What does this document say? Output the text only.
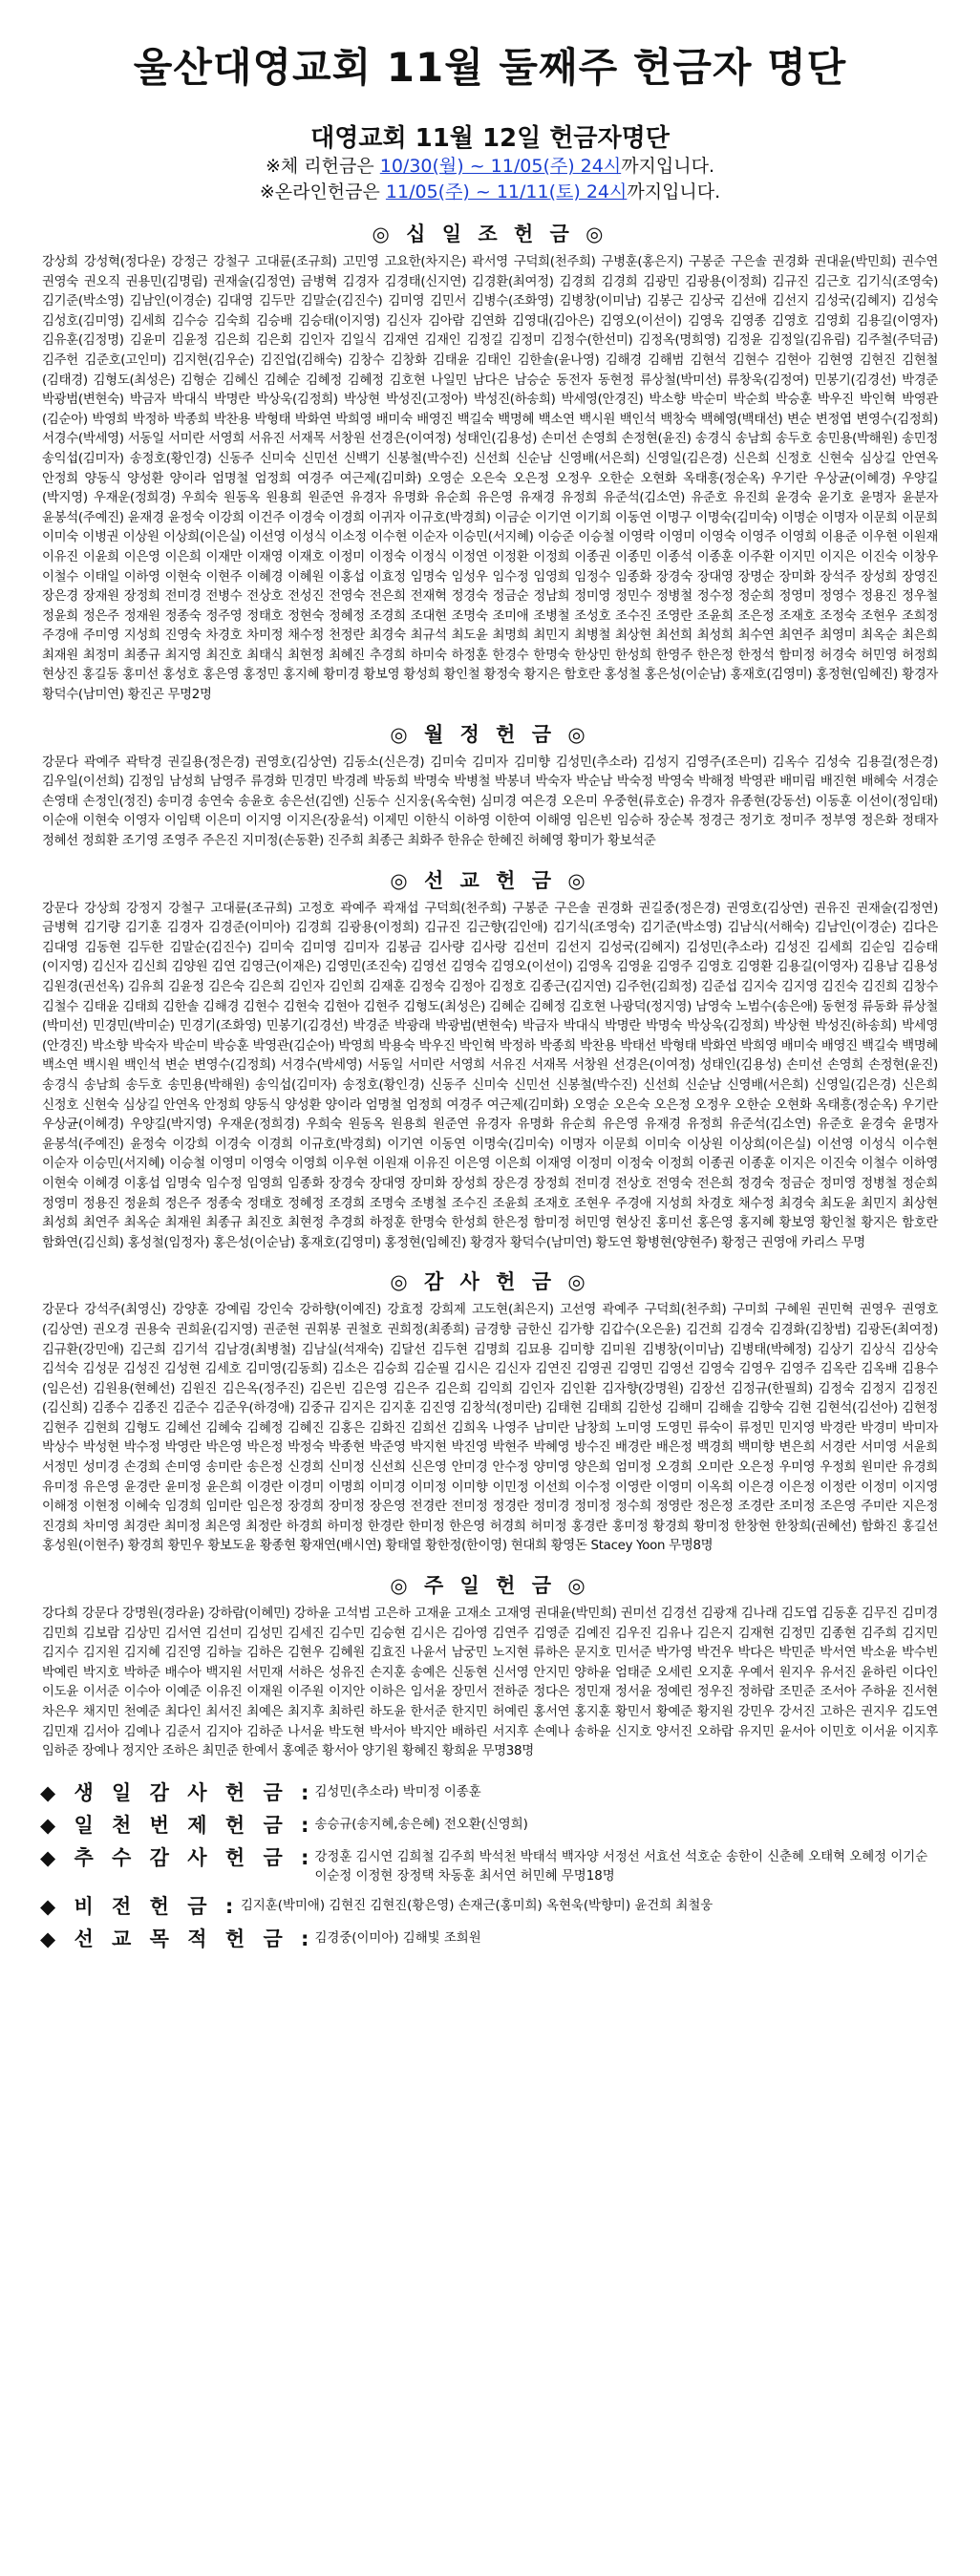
울산대영교회 11월 둘째주 헌금자 명단
대영교회 11월 12일 헌금자명단
※체 리헌금은 10/30(월) ~ 11/05(주) 24시까지입니다.
※온라인헌금은 11/05(주) ~ 11/11(토) 24시까지입니다.
◎ 십 일 조 헌 금 ◎
강상희 강성혁(정다운) 강정근 강철구 고대륜(조규희) 고민영 고요한(차지은) 곽서영 구덕희(천주희) 구병훈(홍은지) 구봉준 구은솔 권경화 권대윤(박민희) 권수연 권영숙 권오직 권용민(김명림) 권재술(김정연) 금병혁 김경자 김경태(신지연) 김경환(최여정) 김경희 김경희 김광민 김광용(이정희) 김규진 김근호 김기식(조영숙) 김기준(박소영) 김남인(이경순) 김대영 김두만 김말순(김진수) 김미영 김민서 김병수(조화영) 김병창(이미남) 김봉근 김상국 김선애 김선지 김성국(김혜지) 김성숙 김성호(김미영) 김세희 김수승 김숙희 김승배 김승태(이지영) 김신자 김아람 김연화 김영대(김아은) 김영오(이선이) 김영욱 김영종 김영호 김영회 김용길(이영자) 김유훈(김정명) 김윤미 김윤정 김은희 김은회 김인자 김일식 김재연 김재인 김정길 김정미 김정수(한선미) 김정옥(명희영) 김정윤 김정일(김유림) 김주철(주덕금) 김주헌 김준호(고인미) 김지현(김우순) 김진업(김해숙) 김창수 김창화 김태윤 김태인 김한솔(윤나영) 김해경 김해범 김현석 김현수 김현아 김현영 김현진 김현철(김태경) 김형도(최성은) 김형순 김혜신 김혜순 김혜정 김혜정 김호현 나일민 남다은 남승순 동전자 동현정 류상철(박미선) 류창욱(김정여) 민봉기(김경선) 박경준 박광범(변현숙) 박금자 박대식 박명란 박상욱(김정희) 박상현 박성진(고정아) 박성진(하송희) 박세영(안경진) 박소향 박순미 박순희 박승훈 박우진 박인혁 박영관(김순아) 박영희 박정하 박종희 박찬용 박형태 박화연 박희영 배미숙 배영진 백길숙 백명혜 백소연 백시원 백인석 백창숙 백혜영(백태선) 변순 변정엽 변영수(김정희) 서경수(박세영) 서동일 서미란 서영희 서유진 서재목 서창원 선경은(이여정) 성태인(김용성) 손미선 손영희 손정현(윤진) 송경식 송남희 송두호 송민용(박해원) 송민정 송익섭(김미자) 송정호(황인경) 신동주 신미숙 신민선 신백기 신봉철(박수진) 신선희 신순남 신영배(서은희) 신영일(김은경) 신은희 신정호 신현숙 심상길 안연옥 안정희 양동식 양성환 양이라 엄명철 엄정희 여경주 여근제(김미화) 오영순 오은숙 오은정 오정우 오한순 오현화 옥태흥(정순옥) 우기란 우상균(이혜경) 우양길(박지영) 우재운(정희경) 우희숙 원동옥 원용희 원준연 유경자 유명화 유순희 유은영 유재경 유정희 유준석(김소연) 유준호 유진희 윤경숙 윤기호 윤명자 윤분자 윤봉석(주예진) 윤재경 윤정숙 이강희 이건주 이경숙 이경희 이귀자 이규호(박경희) 이금순 이기연 이기희 이동연 이명구 이명숙(김미숙) 이명순 이명자 이문희 이문희 이미숙 이병권 이상원 이상희(이은실) 이선영 이성식 이소정 이수현 이순자 이승민(서지혜) 이승준 이승철 이영락 이영미 이영숙 이영주 이영희 이용준 이우현 이원재 이유진 이윤희 이은영 이은희 이재만 이재영 이재호 이정미 이정숙 이정식 이정연 이정환 이정희 이종권 이종민 이종석 이종훈 이주환 이지민 이지은 이진숙 이창우 이철수 이태일 이하영 이현숙 이현주 이혜경 이혜원 이홍섭 이효정 임명숙 임성우 임수정 임영희 임정수 임종화 장경숙 장대영 장명순 장미화 장석주 장성희 장영진 장은경 장재원 장정희 전미경 전병수 전상호 전성진 전영숙 전은희 전재혁 정경숙 정금순 정남희 정미영 정민수 정병철 정수정 정순희 정영미 정영수 정용진 정우철 정윤희 정은주 정재원 정종숙 정주영 정태호 정현숙 정혜정 조경희 조대현 조명숙 조미애 조병철 조성호 조수진 조영란 조윤희 조은정 조재호 조정숙 조현우 조희정 주경애 주미영 지성희 진영숙 차경호 차미정 채수정 천정란 최경숙 최규석 최도윤 최명희 최민지 최병철 최상현 최선희 최성희 최수연 최연주 최영미 최옥순 최은희 최재원 최정미 최종규 최지영 최진호 최태식 최현정 최혜진 추경희 하미숙 하정훈 한경수 한명숙 한상민 한성희 한영주 한은정 한정석 함미정 허경숙 허민영 허정희 현상진 홍길동 홍미선 홍성호 홍은영 홍정민 홍지혜 황미경 황보영 황성희 황인철 황정숙 황지은 함호란 홍성철 홍은성(이순남) 홍재호(김영미) 홍정현(임혜진) 황경자 황덕수(남미연) 황진곤 무명2명
◎ 월 정 헌 금 ◎
강문다 곽예주 곽탁경 권길용(정은경) 권영호(김상연) 김동소(신은경) 김미숙 김미자 김미향 김성민(추소라) 김성지 김영주(조은미) 김옥수 김성숙 김용걸(정은경) 김우일(이선희) 김정임 남성희 남영주 류경화 민경민 박경례 박동희 박명숙 박병철 박봉녀 박숙자 박순남 박숙정 박영숙 박해정 박영관 배미림 배진현 배혜숙 서경순 손영태 손정인(정진) 송미경 송연숙 송윤호 송은선(김엔) 신동수 신지웅(옥숙현) 심미경 여은경 오은미 우중현(류호순) 유경자 유종현(강동선) 이동훈 이선이(정임태) 이순애 이현숙 이영자 이임택 이은미 이지영 이지은(장윤석) 이제민 이한식 이하영 이한여 이해영 임은빈 임승하 장순복 정경근 정기호 정미주 정부영 정은화 정태자 정혜선 정희환 조기영 조영주 주은진 지미정(손동환) 진주희 최종근 최화주 한유순 한혜진 허혜영 황미가 황보석준
◎ 선 교 헌 금 ◎
강문다 강상희 강정지 강철구 고대륜(조규희) 고정호 곽예주 곽재섭 구덕희(천주희) 구봉준 구은솔 권경화 권길중(정은경) 권영호(김상연) 권유진 권재술(김정연) 금병혁 김기량 김기훈 김경자 김경준(이미아) 김경희 김광용(이정희) 김규진 김근향(김인애) 김기식(조영숙) 김기준(박소영) 김남식(서해숙) 김남인(이경순) 김다은 김대영 김동현 김두한 김말순(김진수) 김미숙 김미영 김미자 김봉금 김사량 김사랑 김선미 김선지 김성국(김혜지) 김성민(추소라) 김성진 김세희 김순임 김승태(이지영) 김신자 김신희 김양원 김연 김영근(이재은) 김영민(조진숙) 김영선 김영숙 김영오(이선이) 김영옥 김영윤 김영주 김영호 김영환 김용길(이영자) 김용남 김용성 김원경(권선옥) 김유희 김윤정 김은숙 김은희 김인자 김인희 김재훈 김정숙 김정아 김정호 김종근(김지연) 김주헌(김희정) 김준섭 김지숙 김지영 김진숙 김진희 김창수 김철수 김태윤 김태희 김한솔 김해경 김현수 김현숙 김현아 김현주 김형도(최성은) 김혜순 김혜정 김호현 나광덕(정지영) 남영숙 노범수(송은애) 동현정 류동화 류상철(박미선) 민경민(박미순) 민경기(조화영) 민봉기(김경선) 박경준 박광래 박광범(변현숙) 박금자 박대식 박명란 박명숙 박상욱(김정희) 박상현 박성진(하송희) 박세영(안경진) 박소향 박숙자 박순미 박승훈 박영관(김순아) 박영희 박용숙 박우진 박인혁 박정하 박종희 박찬용 박태선 박형태 박화연 박희영 배미숙 배영진 백길숙 백명혜 백소연 백시원 백인석 변순 변영수(김정희) 서경수(박세영) 서동일 서미란 서영희 서유진 서재목 서창원 선경은(이여정) 성태인(김용성) 손미선 손영희 손정현(윤진) 송경식 송남희 송두호 송민용(박해원) 송익섭(김미자) 송정호(황인경) 신동주 신미숙 신민선 신봉철(박수진) 신선희 신순남 신영배(서은희) 신영일(김은경) 신은희 신정호 신현숙 심상길 안연옥 안정희 양동식 양성환 양이라 엄명철 엄정희 여경주 여근제(김미화) 오영순 오은숙 오은정 오정우 오한순 오현화 옥태흥(정순옥) 우기란 우상균(이혜경) 우양길(박지영) 우재운(정희경) 우희숙 원동옥 원용희 원준연 유경자 유명화 유순희 유은영 유재경 유정희 유준석(김소연) 유준호 윤경숙 윤명자 윤봉석(주예진) 윤정숙 이강희 이경숙 이경희 이규호(박경희) 이기연 이동연 이명숙(김미숙) 이명자 이문희 이미숙 이상원 이상희(이은실) 이선영 이성식 이수현 이순자 이승민(서지혜) 이승철 이영미 이영숙 이영희 이우현 이원재 이유진 이은영 이은희 이재영 이정미 이정숙 이정희 이종권 이종훈 이지은 이진숙 이철수 이하영 이현숙 이혜경 이홍섭 임명숙 임수정 임영희 임종화 장경숙 장대영 장미화 장성희 장은경 장정희 전미경 전상호 전영숙 전은희 정경숙 정금순 정미영 정병철 정순희 정영미 정용진 정윤희 정은주 정종숙 정태호 정혜정 조경희 조명숙 조병철 조수진 조윤희 조재호 조현우 주경애 지성희 차경호 채수정 최경숙 최도윤 최민지 최상현 최성희 최연주 최옥순 최재원 최종규 최진호 최현정 추경희 하정훈 한명숙 한성희 한은정 함미정 허민영 현상진 홍미선 홍은영 홍지혜 황보영 황인철 황지은 함호란 함화연(김신희) 홍성철(임정자) 홍은성(이순남) 홍재호(김영미) 홍정현(임혜진) 황경자 황덕수(남미연) 황도연 황병현(양현주) 황정근 권영애 카리스 무명
◎ 감 사 헌 금 ◎
강문다 강석주(최영신) 강양훈 강예림 강인숙 강하향(이예진) 강효정 강희제 고도현(최은지) 고선영 곽예주 구덕희(천주희) 구미희 구혜원 권민혁 권영우 권영호(김상연) 권오경 권용숙 권희윤(김지영) 권준현 권휘봉 권철호 권희정(최종희) 금경향 금한신 김가향 김갑수(오은윤) 김건희 김경숙 김경화(김창범) 김광돈(최여정) 김규환(강민애) 김근희 김기석 김남경(최병철) 김남실(석재숙) 김달선 김두현 김명희 김묘용 김미향 김미원 김병창(이미남) 김병태(박혜정) 김상기 김상식 김상숙 김석숙 김성문 김성진 김성현 김세호 김미영(김동희) 김소은 김승희 김순필 김시은 김신자 김연진 김영권 김영민 김영선 김영숙 김영우 김영주 김옥란 김옥배 김용수(임은선) 김원용(현혜선) 김원진 김은옥(정주진) 김은빈 김은영 김은주 김은희 김익희 김인자 김인환 김자향(강명원) 김장선 김정규(한필희) 김정숙 김정지 김정진(김신희) 김종수 김종진 김준수 김준우(하경애) 김중규 김지은 김지훈 김진영 김창석(정미란) 김태현 김태희 김한성 김해미 김해솔 김향숙 김현 김현석(김선아) 김현정 김현주 김현희 김형도 김혜선 김혜숙 김혜정 김혜진 김홍은 김화진 김희선 김희옥 나영주 남미란 남창희 노미영 도영민 류숙이 류정민 민지영 박경란 박경미 박미자 박상수 박성현 박수정 박영란 박은영 박은정 박정숙 박종현 박준영 박지현 박진영 박현주 박혜영 방수진 배경란 배은정 백경희 백미향 변은희 서경란 서미영 서윤희 서정민 성미경 손경희 손미영 송미란 송은정 신경희 신미정 신선희 신은영 안미경 안수정 양미영 양은희 엄미정 오경희 오미란 오은정 우미영 우정희 원미란 유경희 유미정 유은영 윤경란 윤미정 윤은희 이경란 이경미 이명희 이미경 이미정 이미향 이민정 이선희 이수정 이영란 이영미 이옥희 이은경 이은정 이정란 이정미 이지영 이해정 이현정 이혜숙 임경희 임미란 임은정 장경희 장미정 장은영 전경란 전미정 정경란 정미경 정미정 정수희 정영란 정은정 조경란 조미정 조은영 주미란 지은정 진경희 차미영 최경란 최미정 최은영 최정란 하경희 하미정 한경란 한미정 한은영 허경희 허미정 홍경란 홍미정 황경희 황미정 한창현 한창희(권혜선) 함화진 홍길선 홍성원(이현주) 황경희 황민우 황보도윤 황종현 황재연(배시연) 황태열 황한정(한이영) 현대희 황영돈 Stacey Yoon 무명8명
◎ 주 일 헌 금 ◎
강다희 강문다 강명원(경라윤) 강하람(이혜민) 강하윤 고석범 고은하 고재윤 고재소 고재영 권대윤(박민희) 권미선 김경선 김광재 김나래 김도엽 김동훈 김무진 김미경 김민희 김보람 김상민 김서연 김선미 김성민 김세진 김수민 김승현 김시은 김아영 김연주 김영준 김예진 김우진 김유나 김은지 김재현 김정민 김종현 김주희 김지민 김지수 김지원 김지혜 김진영 김하늘 김하은 김현우 김혜원 김효진 나윤서 남궁민 노지현 류하은 문지호 민서준 박가영 박건우 박다은 박민준 박서연 박소윤 박수빈 박예린 박지호 박하준 배수아 백지원 서민재 서하은 성유진 손지훈 송예은 신동현 신서영 안지민 양하윤 엄태준 오세린 오지훈 우예서 원지우 유서진 윤하린 이다인 이도윤 이서준 이수아 이예준 이유진 이재원 이주원 이지안 이하은 임서윤 장민서 전하준 정다은 정민재 정서윤 정예린 정우진 정하람 조민준 조서아 주하윤 진서현 차은우 채지민 천예준 최다인 최서진 최예은 최지후 최하린 하도윤 한서준 한지민 허예린 홍서연 홍지훈 황민서 황예준 황지원 강민우 강서진 고하은 권지우 김도연 김민재 김서아 김예나 김준서 김지아 김하준 나서윤 박도현 박서아 박지안 배하린 서지후 손예나 송하윤 신지호 양서진 오하람 유지민 윤서아 이민호 이서윤 이지후 임하준 장예나 정지안 조하은 최민준 한예서 홍예준 황서아 양기원 황혜진 황희윤 무명38명
◆ 생 일 감 사 헌 금 : 김성민(추소라) 박미정 이종훈
◆ 일 천 번 제 헌 금 : 송승규(송지혜,송은혜) 전오환(신영희)
◆ 추 수 감 사 헌 금 : 강정훈 김시연 김희철 김주희 박석천 박태석 백자양 서정선 서효선 석호순 송한이 신춘혜 오태혁 오혜정 이기순 이순정 이정현 장정택 차동훈 최서연 허민혜 무명18명
◆ 비 전 헌 금 : 김지훈(박미애) 김현진 김현진(황은영) 손재근(홍미희) 옥현욱(박향미) 윤건희 최철웅
◆ 선 교 목 적 헌 금 : 김경중(이미아) 김해빛 조희원
